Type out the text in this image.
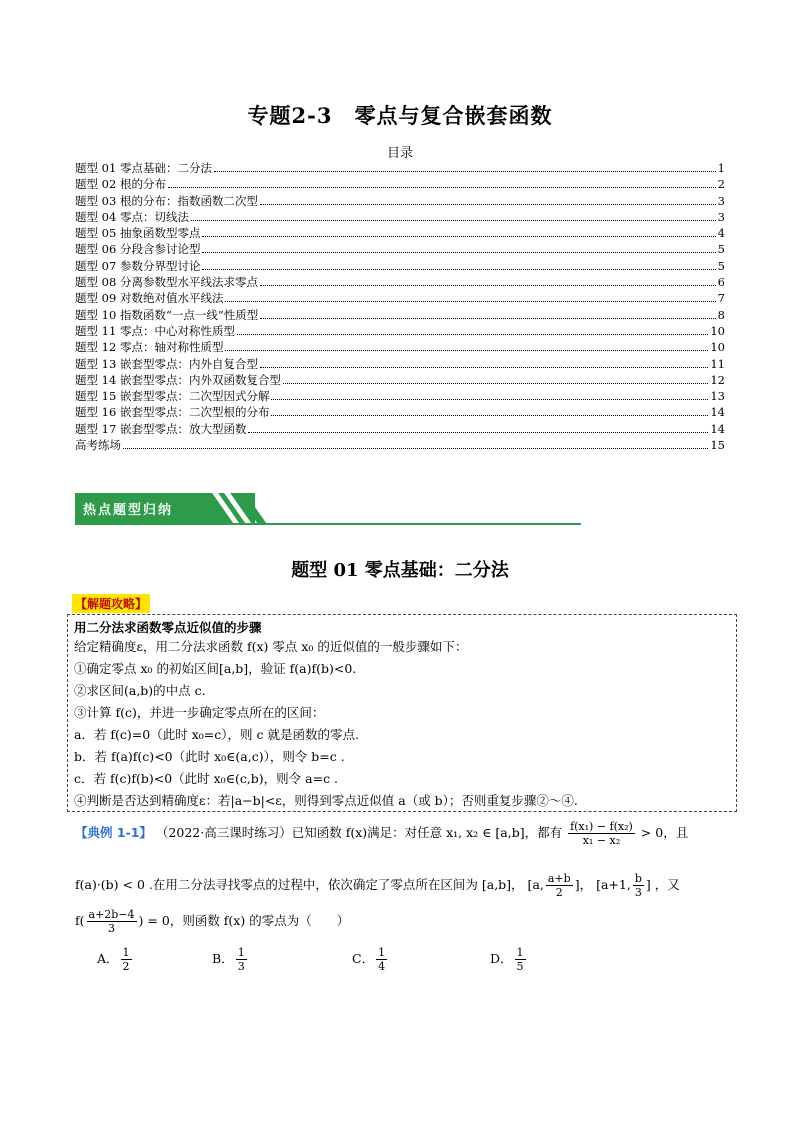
专题2-3　零点与复合嵌套函数
目录
题型 01 零点基础：二分法	1
题型 02 根的分布	2
题型 03 根的分布：指数函数二次型	3
题型 04 零点：切线法	3
题型 05 抽象函数型零点	4
题型 06 分段含参讨论型	5
题型 07 参数分界型讨论	5
题型 08 分离参数型水平线法求零点	6
题型 09 对数绝对值水平线法	7
题型 10 指数函数“一点一线”性质型	8
题型 11 零点：中心对称性质型	10
题型 12 零点：轴对称性质型	10
题型 13 嵌套型零点：内外自复合型	11
题型 14 嵌套型零点：内外双函数复合型	12
题型 15 嵌套型零点：二次型因式分解	13
题型 16 嵌套型零点：二次型根的分布	14
题型 17 嵌套型零点：放大型函数	14
高考练场	15
热点题型归纳
题型 01 零点基础：二分法
【解题攻略】
用二分法求函数零点近似值的步骤
给定精确度ε，用二分法求函数 f(x) 零点 x₀ 的近似值的一般步骤如下：
①确定零点 x₀ 的初始区间[a,b]，验证 f(a)f(b)<0.
②求区间(a,b)的中点 c.
③计算 f(c)，并进一步确定零点所在的区间：
a．若 f(c)=0（此时 x₀=c），则 c 就是函数的零点.
b．若 f(a)f(c)<0（此时 x₀∈(a,c)），则令 b=c .
c．若 f(c)f(b)<0（此时 x₀∈(c,b)，则令 a=c .
④判断是否达到精确度ε：若|a−b|<ε，则得到零点近似值 a（或 b）；否则重复步骤②～④.
【典例 1-1】 （2022·高三课时练习）已知函数 f(x)满足：对任意 x₁, x₂ ∈ [a,b]，都有 $\frac{\text{f(x₁) − f(x₂)}}{\text{x₁ − x₂}} > 0$，且
f(a)·(b) < 0 .在用二分法寻找零点的过程中，依次确定了零点所在区间为 [a,b]， [a, $\frac{a+b}{2}$ ]， [a+1, $\frac{b}{3}$ ] ，又
$f( \frac{a+2b-4}{3}$ ) = 0，则函数 f(x) 的零点为（　　）
A． $\frac{1}{2}$	B． $\frac{1}{3}$	C． $\frac{1}{4}$	D． $\frac{1}{5}$
